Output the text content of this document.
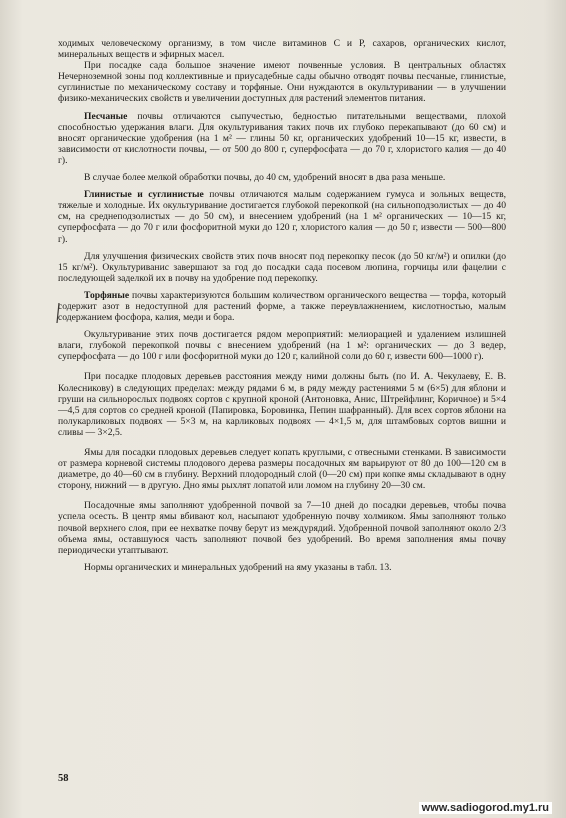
ходимых человеческому организму, в том числе витаминов С и Р, сахаров, органических кислот, минеральных веществ и эфирных масел.

При посадке сада большое значение имеют почвенные условия. В центральных областях Нечерноземной зоны под коллективные и приусадебные сады обычно отводят почвы песчаные, глинистые, суглинистые по механическому составу и торфяные. Они нуждаются в окультуривании — в улучшении физико-механических свойств и увеличении доступных для растений элементов питания.

Песчаные почвы отличаются сыпучестью, бедностью питательными веществами, плохой способностью удержания влаги. Для окультуривания таких почв их глубоко перекапывают (до 60 см) и вносят органические удобрения (на 1 м² — глины 50 кг, органических удобрений 10—15 кг, извести, в зависимости от кислотности почвы, — от 500 до 800 г, суперфосфата — до 70 г, хлористого калия — до 40 г).

В случае более мелкой обработки почвы, до 40 см, удобрений вносят в два раза меньше.

Глинистые и суглинистые почвы отличаются малым содержанием гумуса и зольных веществ, тяжелые и холодные. Их окультуривание достигается глубокой перекопкой (на сильноподзолистых — до 40 см, на среднеподзолистых — до 50 см), и внесением удобрений (на 1 м² органических — 10—15 кг, суперфосфата — до 70 г или фосфоритной муки до 120 г, хлористого калия — до 50 г, извести — 500—800 г).

Для улучшения физических свойств этих почв вносят под перекопку песок (до 50 кг/м²) и опилки (до 15 кг/м²). Окультуриванис завершают за год до посадки сада посевом люпина, горчицы или фацелии с последующей заделкой их в почву на удобрение под перекопку.

Торфяные почвы характеризуются большим количеством органического вещества — торфа, который содержит азот в недоступной для растений форме, а также переувлажнением, кислотностью, малым содержанием фосфора, калия, меди и бора.

Окультуривание этих почв достигается рядом мероприятий: мелиорацией и удалением излишней влаги, глубокой перекопкой почвы с внесением удобрений (на 1 м²: органических — до 3 ведер, суперфосфата — до 100 г или фосфоритной муки до 120 г, калийной соли до 60 г, извести 600—1000 г).

При посадке плодовых деревьев расстояния между ними должны быть (по И. А. Чекулаеву, Е. В. Колесникову) в следующих пределах: между рядами 6 м, в ряду между растениями 5 м (6×5) для яблони и груши на сильнорослых подвоях сортов с крупной кроной (Антоновка, Анис, Штрейфлинг, Коричное) и 5×4—4,5 для сортов со средней кроной (Папировка, Боровинка, Пепин шафранный). Для всех сортов яблони на полукарликовых подвоях — 5×3 м, на карликовых подвоях — 4×1,5 м, для штамбовых сортов вишни и сливы — 3×2,5.

Ямы для посадки плодовых деревьев следует копать круглыми, с отвесными стенками. В зависимости от размера корневой системы плодового дерева размеры посадочных ям варьируют от 80 до 100—120 см в диаметре, до 40—60 см в глубину. Верхний плодородный слой (0—20 см) при копке ямы складывают в одну сторону, нижний — в другую. Дно ямы рыхлят лопатой или ломом на глубину 20—30 см.

Посадочные ямы заполняют удобренной почвой за 7—10 дней до посадки деревьев, чтобы почва успела осесть. В центр ямы вбивают кол, насыпают удобренную почву холмиком. Ямы заполняют только почвой верхнего слоя, при ее нехватке почву берут из междурядий. Удобренной почвой заполняют около 2/3 объема ямы, оставшуюся часть заполняют почвой без удобрений. Во время заполнения ямы почву периодически утаптывают.

Нормы органических и минеральных удобрений на яму указаны в табл. 13.

58
www.sadiogorod.my1.ru
